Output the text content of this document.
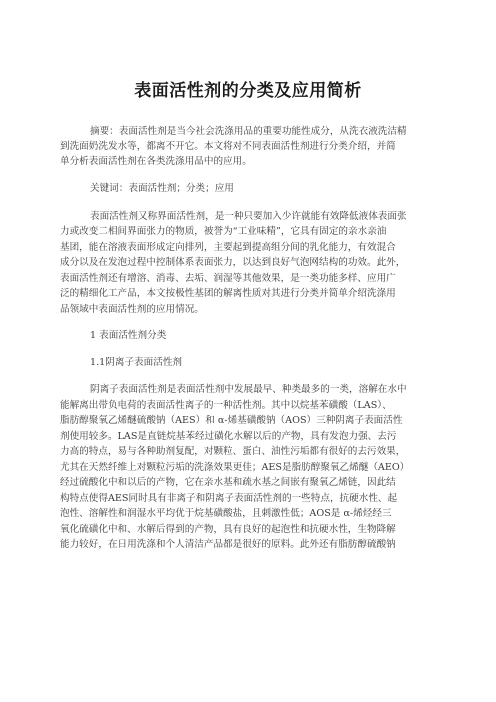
表面活性剂的分类及应用简析
摘要：表面活性剂是当今社会洗涤用品的重要功能性成分，从洗衣液洗洁精
到洗面奶洗发水等，都离不开它。本文将对不同表面活性剂进行分类介绍，并简
单分析表面活性剂在各类洗涤用品中的应用。
关键词：表面活性剂；分类；应用
表面活性剂又称界面活性剂，是一种只要加入少许就能有效降低液体表面张
力或改变二相间界面张力的物质，被誉为“工业味精”，它具有固定的亲水亲油
基团，能在溶液表面形成定向排列，主要起到提高组分间的乳化能力，有效混合
成分以及在发泡过程中控制体系表面张力，以达到良好气泡网结构的功效。此外，
表面活性剂还有增溶、消毒、去垢、润湿等其他效果，是一类功能多样、应用广
泛的精细化工产品，本文按极性基团的解离性质对其进行分类并简单介绍洗涤用
品领域中表面活性剂的应用情况。
1 表面活性剂分类
1.1阴离子表面活性剂
阴离子表面活性剂是表面活性剂中发展最早、种类最多的一类，溶解在水中
能解离出带负电荷的表面活性离子的一种活性剂。其中以烷基苯磺酸（LAS）、
脂肪醇聚氧乙烯醚硫酸钠（AES）和 α-烯基磺酸钠（AOS）三种阴离子表面活性
剂使用较多。LAS是直链烷基苯经过磺化水解以后的产物，具有发泡力强、去污
力高的特点，易与各种助剂复配，对颗粒、蛋白、油性污垢都有很好的去污效果，
尤其在天然纤维上对颗粒污垢的洗涤效果更佳；AES是脂肪醇聚氧乙烯醚（AEO）
经过硫酸化中和以后的产物，它在亲水基和疏水基之间嵌有聚氧乙烯链，因此结
构特点使得AES同时具有非离子和阴离子表面活性剂的一些特点，抗硬水性、起
泡性、溶解性和润湿水平均优于烷基磺酸盐，且刺激性低；AOS是 α-烯烃经三
氧化硫磺化中和、水解后得到的产物，具有良好的起泡性和抗硬水性，生物降解
能力较好，在日用洗涤和个人清洁产品都是很好的原料。此外还有脂肪醇硫酸钠
